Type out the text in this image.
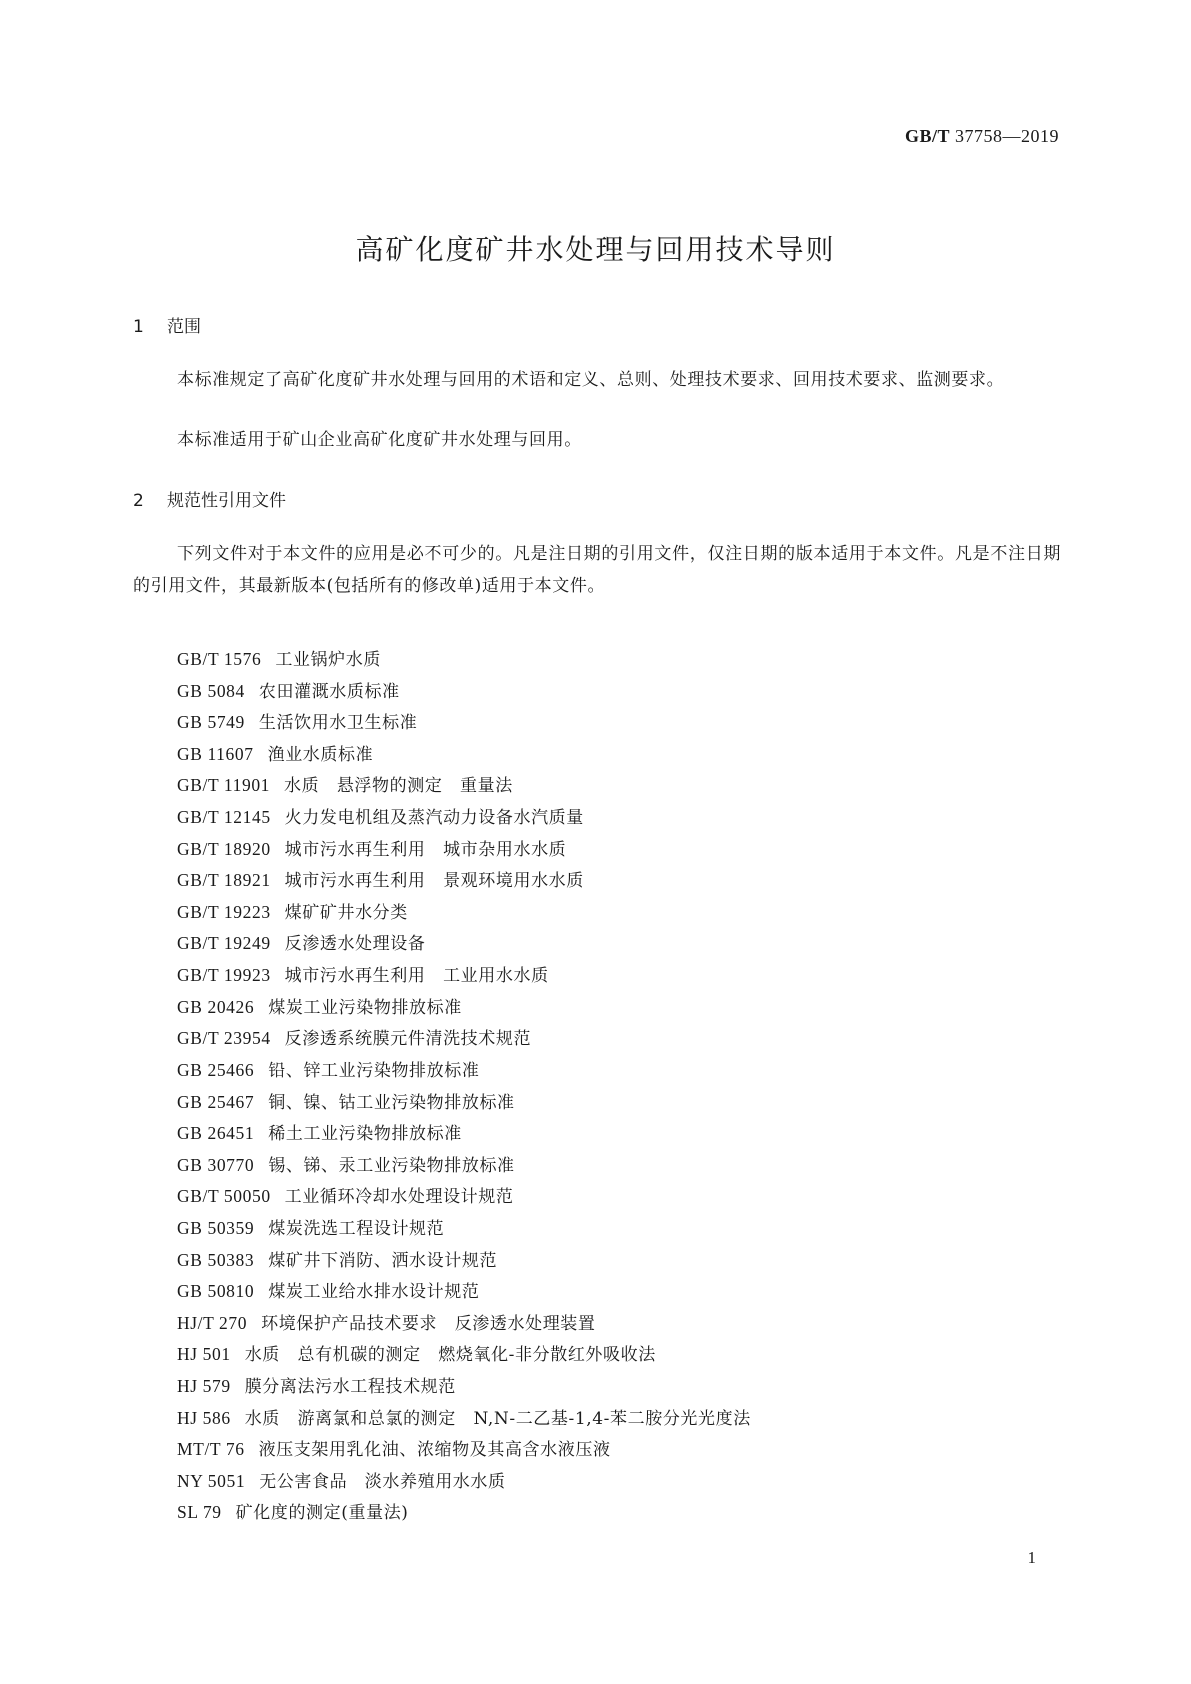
GB/T 37758—2019
高矿化度矿井水处理与回用技术导则
1 范围
本标准规定了高矿化度矿井水处理与回用的术语和定义、总则、处理技术要求、回用技术要求、监测要求。
本标准适用于矿山企业高矿化度矿井水处理与回用。
2 规范性引用文件
下列文件对于本文件的应用是必不可少的。凡是注日期的引用文件，仅注日期的版本适用于本文件。凡是不注日期的引用文件，其最新版本(包括所有的修改单)适用于本文件。
GB/T 1576 工业锅炉水质
GB 5084 农田灌溉水质标准
GB 5749 生活饮用水卫生标准
GB 11607 渔业水质标准
GB/T 11901 水质　悬浮物的测定　重量法
GB/T 12145 火力发电机组及蒸汽动力设备水汽质量
GB/T 18920 城市污水再生利用　城市杂用水水质
GB/T 18921 城市污水再生利用　景观环境用水水质
GB/T 19223 煤矿矿井水分类
GB/T 19249 反渗透水处理设备
GB/T 19923 城市污水再生利用　工业用水水质
GB 20426 煤炭工业污染物排放标准
GB/T 23954 反渗透系统膜元件清洗技术规范
GB 25466 铅、锌工业污染物排放标准
GB 25467 铜、镍、钴工业污染物排放标准
GB 26451 稀土工业污染物排放标准
GB 30770 锡、锑、汞工业污染物排放标准
GB/T 50050 工业循环冷却水处理设计规范
GB 50359 煤炭洗选工程设计规范
GB 50383 煤矿井下消防、洒水设计规范
GB 50810 煤炭工业给水排水设计规范
HJ/T 270 环境保护产品技术要求　反渗透水处理装置
HJ 501 水质　总有机碳的测定　燃烧氧化-非分散红外吸收法
HJ 579 膜分离法污水工程技术规范
HJ 586 水质　游离氯和总氯的测定　N,N-二乙基-1,4-苯二胺分光光度法
MT/T 76 液压支架用乳化油、浓缩物及其高含水液压液
NY 5051 无公害食品　淡水养殖用水水质
SL 79 矿化度的测定(重量法)
1
